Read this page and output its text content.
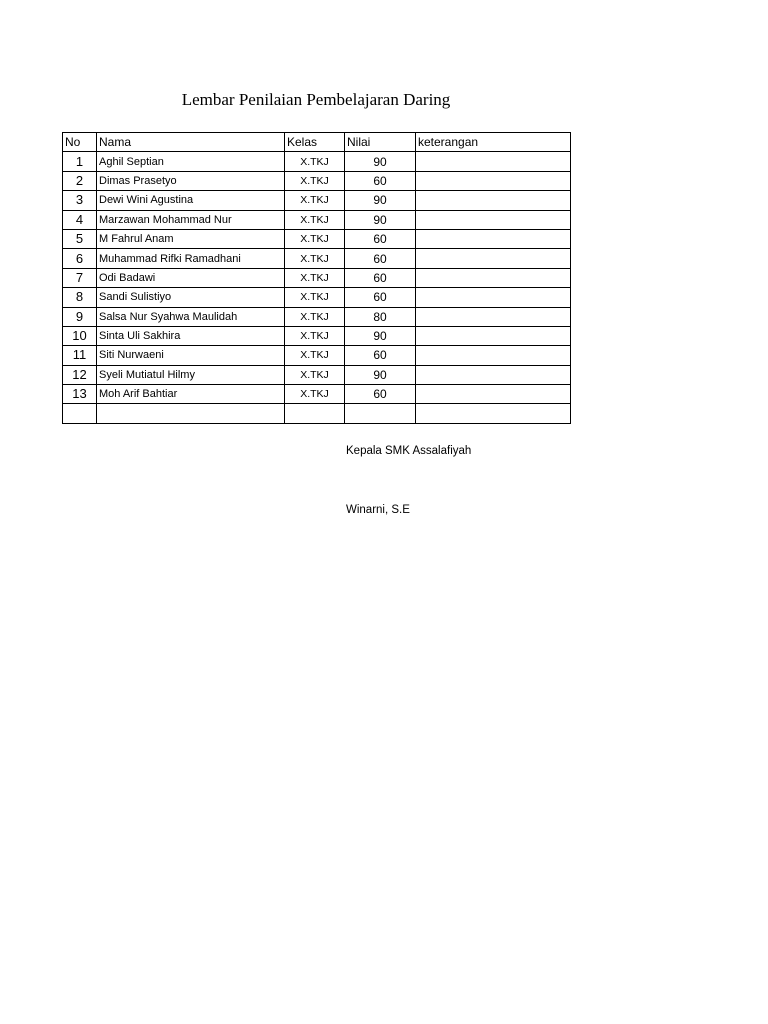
Lembar Penilaian Pembelajaran Daring
No	Nama	Kelas	Nilai	keterangan
1	Aghil Septian	X.TKJ	90	
2	Dimas Prasetyo	X.TKJ	60	
3	Dewi Wini Agustina	X.TKJ	90	
4	Marzawan Mohammad Nur	X.TKJ	90	
5	M Fahrul Anam	X.TKJ	60	
6	Muhammad Rifki Ramadhani	X.TKJ	60	
7	Odi Badawi	X.TKJ	60	
8	Sandi Sulistiyo	X.TKJ	60	
9	Salsa Nur Syahwa Maulidah	X.TKJ	80	
10	Sinta Uli Sakhira	X.TKJ	90	
11	Siti Nurwaeni	X.TKJ	60	
12	Syeli Mutiatul Hilmy	X.TKJ	90	
13	Moh Arif Bahtiar	X.TKJ	60	

Kepala SMK Assalafiyah
Winarni, S.E
